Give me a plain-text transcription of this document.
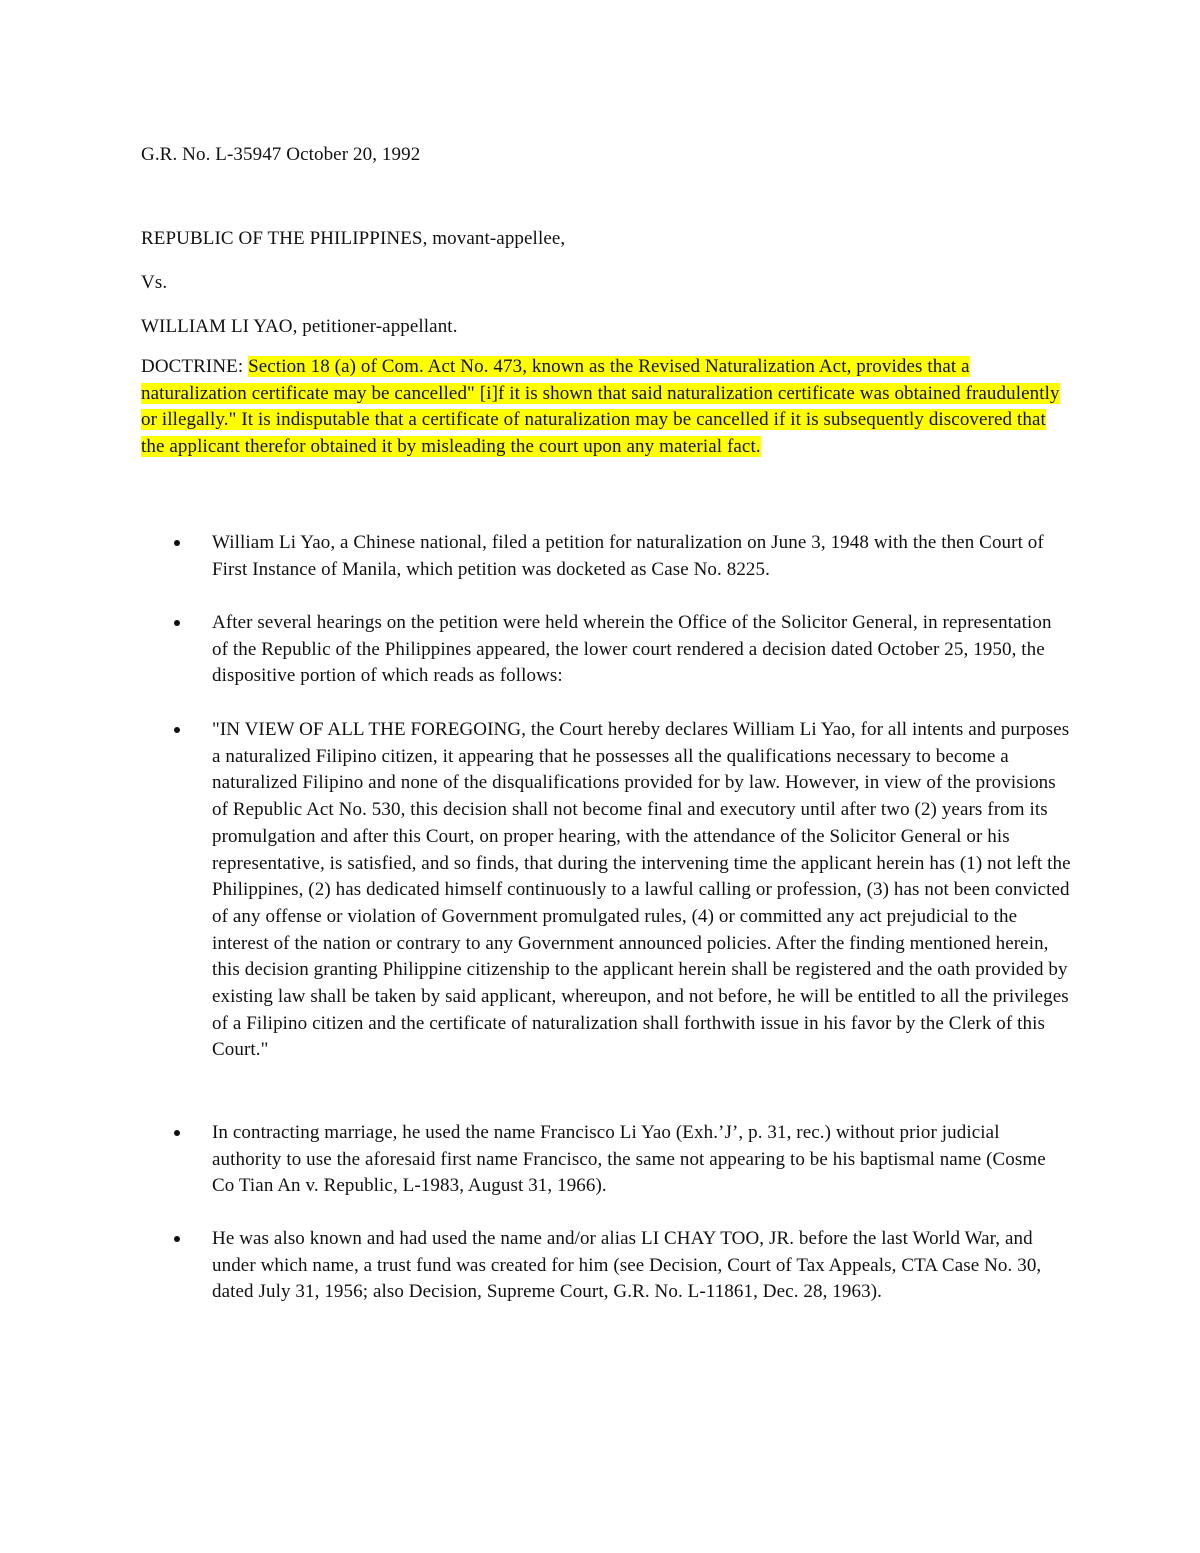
G.R. No. L-35947 October 20, 1992
REPUBLIC OF THE PHILIPPINES, movant-appellee,
Vs.
WILLIAM LI YAO, petitioner-appellant.
DOCTRINE: Section 18 (a) of Com. Act No. 473, known as the Revised Naturalization Act, provides that a naturalization certificate may be cancelled" [i]f it is shown that said naturalization certificate was obtained fraudulently or illegally." It is indisputable that a certificate of naturalization may be cancelled if it is subsequently discovered that the applicant therefor obtained it by misleading the court upon any material fact.
William Li Yao, a Chinese national, filed a petition for naturalization on June 3, 1948 with the then Court of First Instance of Manila, which petition was docketed as Case No. 8225.
After several hearings on the petition were held wherein the Office of the Solicitor General, in representation of the Republic of the Philippines appeared, the lower court rendered a decision dated October 25, 1950, the dispositive portion of which reads as follows:
"IN VIEW OF ALL THE FOREGOING, the Court hereby declares William Li Yao, for all intents and purposes a naturalized Filipino citizen, it appearing that he possesses all the qualifications necessary to become a naturalized Filipino and none of the disqualifications provided for by law. However, in view of the provisions of Republic Act No. 530, this decision shall not become final and executory until after two (2) years from its promulgation and after this Court, on proper hearing, with the attendance of the Solicitor General or his representative, is satisfied, and so finds, that during the intervening time the applicant herein has (1) not left the Philippines, (2) has dedicated himself continuously to a lawful calling or profession, (3) has not been convicted of any offense or violation of Government promulgated rules, (4) or committed any act prejudicial to the interest of the nation or contrary to any Government announced policies. After the finding mentioned herein, this decision granting Philippine citizenship to the applicant herein shall be registered and the oath provided by existing law shall be taken by said applicant, whereupon, and not before, he will be entitled to all the privileges of a Filipino citizen and the certificate of naturalization shall forthwith issue in his favor by the Clerk of this Court."
In contracting marriage, he used the name Francisco Li Yao (Exh.’J’, p. 31, rec.) without prior judicial authority to use the aforesaid first name Francisco, the same not appearing to be his baptismal name (Cosme Co Tian An v. Republic, L-1983, August 31, 1966).
He was also known and had used the name and/or alias LI CHAY TOO, JR. before the last World War, and under which name, a trust fund was created for him (see Decision, Court of Tax Appeals, CTA Case No. 30, dated July 31, 1956; also Decision, Supreme Court, G.R. No. L-11861, Dec. 28, 1963).
